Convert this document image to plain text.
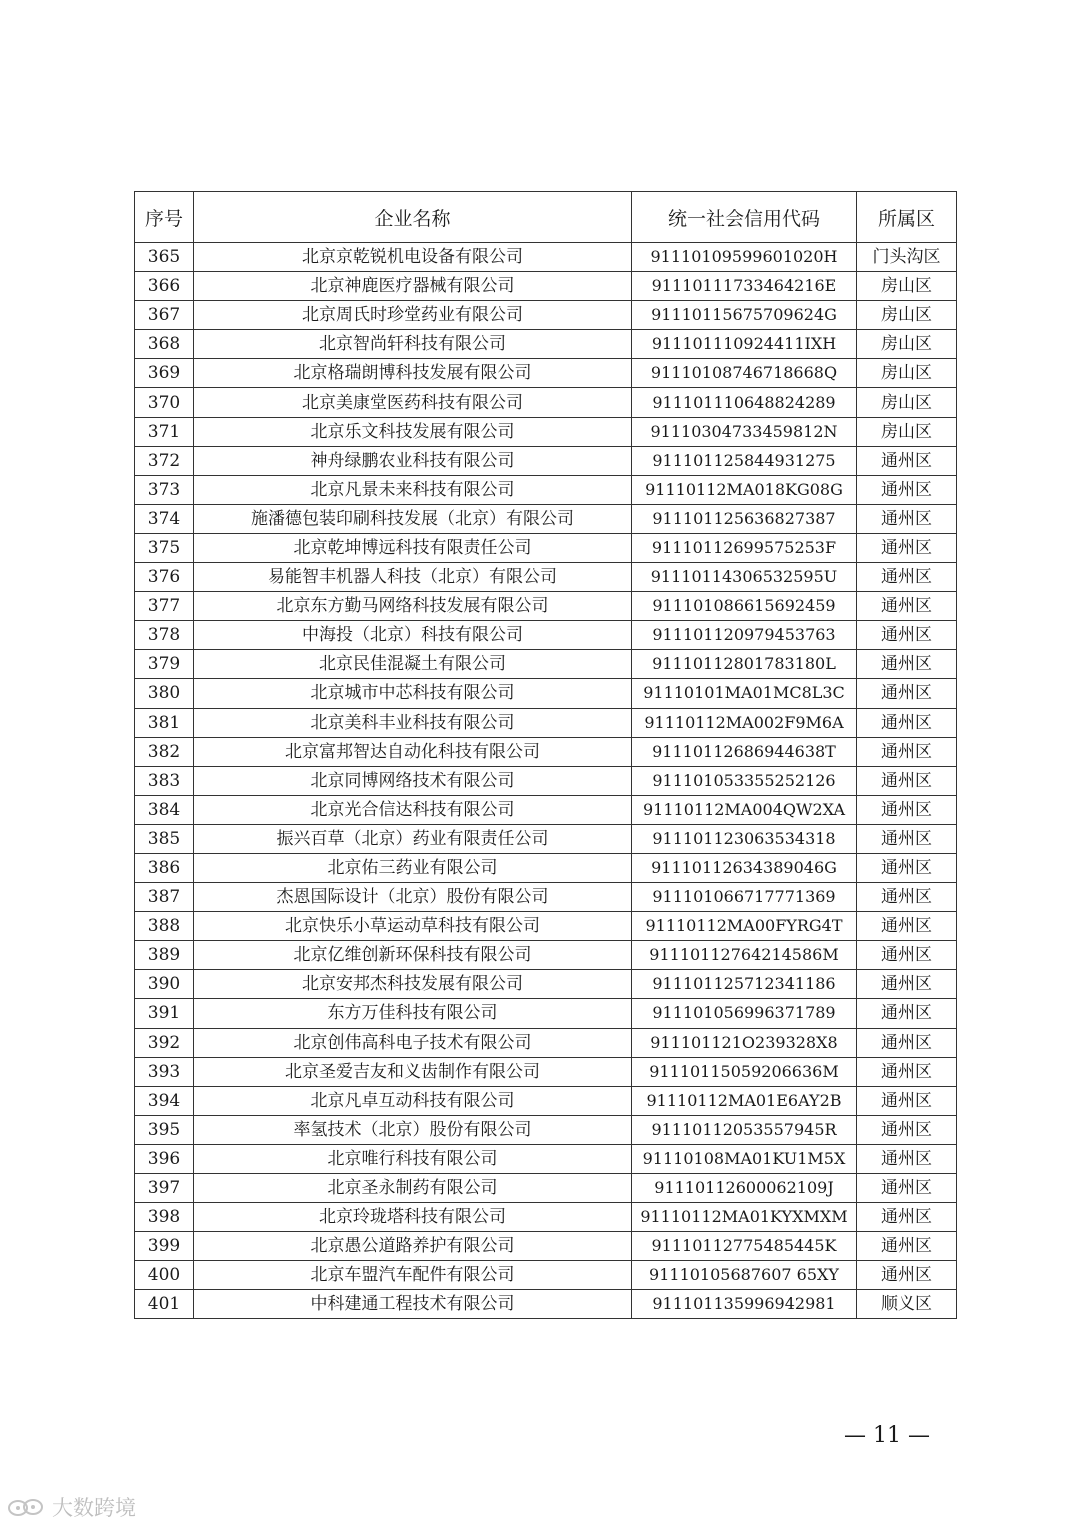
序号	企业名称	统一社会信用代码	所属区
365	北京京乾锐机电设备有限公司	91110109599601020H	门头沟区
366	北京神鹿医疗器械有限公司	91110111733464216E	房山区
367	北京周氏时珍堂药业有限公司	91110115675709624G	房山区
368	北京智尚轩科技有限公司	911101110924411IXH	房山区
369	北京格瑞朗博科技发展有限公司	91110108746718668Q	房山区
370	北京美康堂医药科技有限公司	911101110648824289	房山区
371	北京乐文科技发展有限公司	91110304733459812N	房山区
372	神舟绿鹏农业科技有限公司	911101125844931275	通州区
373	北京凡景未来科技有限公司	91110112MA018KG08G	通州区
374	施潘德包装印刷科技发展（北京）有限公司	911101125636827387	通州区
375	北京乾坤博远科技有限责任公司	91110112699575253F	通州区
376	易能智丰机器人科技（北京）有限公司	91110114306532595U	通州区
377	北京东方勤马网络科技发展有限公司	911101086615692459	通州区
378	中海投（北京）科技有限公司	911101120979453763	通州区
379	北京民佳混凝土有限公司	91110112801783180L	通州区
380	北京城市中芯科技有限公司	91110101MA01MC8L3C	通州区
381	北京美科丰业科技有限公司	91110112MA002F9M6A	通州区
382	北京富邦智达自动化科技有限公司	91110112686944638T	通州区
383	北京同博网络技术有限公司	911101053355252126	通州区
384	北京光合信达科技有限公司	91110112MA004QW2XA	通州区
385	振兴百草（北京）药业有限责任公司	911101123063534318	通州区
386	北京佑三药业有限公司	91110112634389046G	通州区
387	杰恩国际设计（北京）股份有限公司	911101066717771369	通州区
388	北京快乐小草运动草科技有限公司	91110112MA00FYRG4T	通州区
389	北京亿维创新环保科技有限公司	91110112764214586M	通州区
390	北京安邦杰科技发展有限公司	911101125712341186	通州区
391	东方万佳科技有限公司	911101056996371789	通州区
392	北京创伟高科电子技术有限公司	911101121O239328X8	通州区
393	北京圣爱吉友和义齿制作有限公司	91110115059206636M	通州区
394	北京凡卓互动科技有限公司	91110112MA01E6AY2B	通州区
395	率氢技术（北京）股份有限公司	91110112053557945R	通州区
396	北京唯行科技有限公司	91110108MA01KU1M5X	通州区
397	北京圣永制药有限公司	91110112600062109J	通州区
398	北京玲珑塔科技有限公司	91110112MA01KYXMXM	通州区
399	北京愚公道路养护有限公司	91110112775485445K	通州区
400	北京车盟汽车配件有限公司	91110105687607 65XY	通州区
401	中科建通工程技术有限公司	911101135996942981	顺义区
— 11 —
大数跨境
